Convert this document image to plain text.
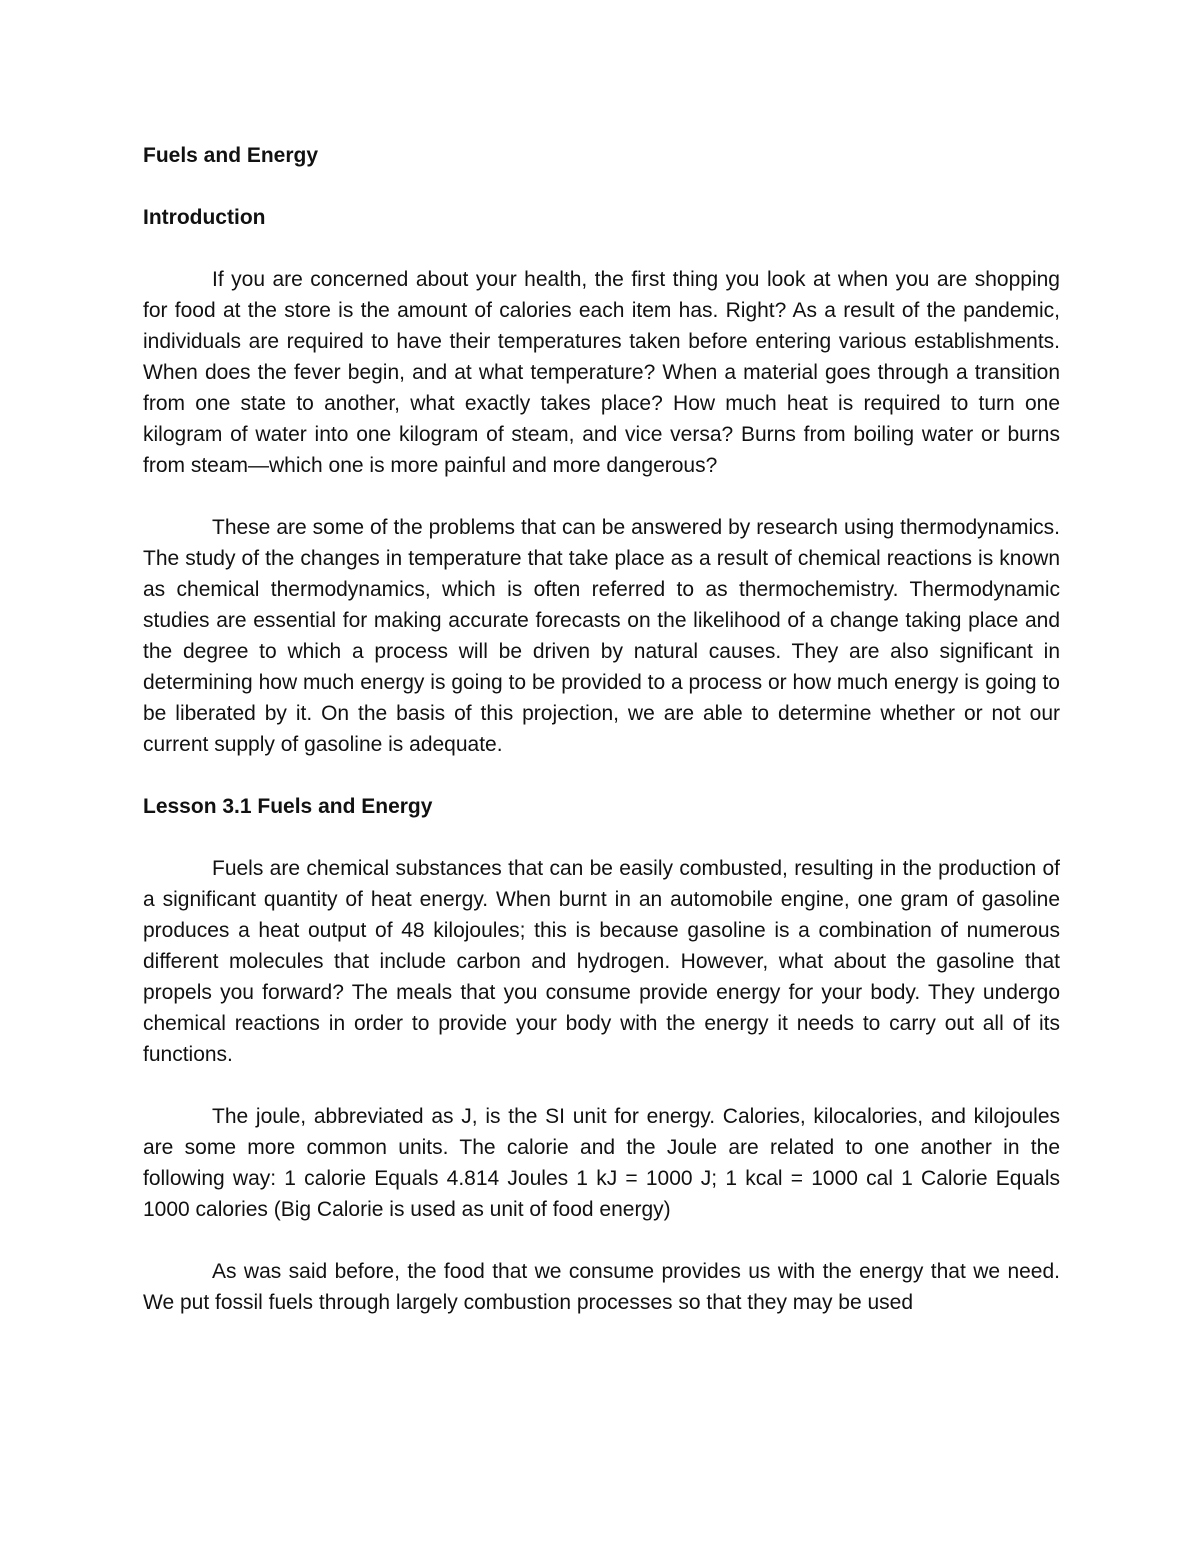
Fuels and Energy
Introduction

If you are concerned about your health, the first thing you look at when you are shopping for food at the store is the amount of calories each item has. Right? As a result of the pandemic, individuals are required to have their temperatures taken before entering various establishments. When does the fever begin, and at what temperature? When a material goes through a transition from one state to another, what exactly takes place? How much heat is required to turn one kilogram of water into one kilogram of steam, and vice versa? Burns from boiling water or burns from steam—which one is more painful and more dangerous?

These are some of the problems that can be answered by research using thermodynamics. The study of the changes in temperature that take place as a result of chemical reactions is known as chemical thermodynamics, which is often referred to as thermochemistry. Thermodynamic studies are essential for making accurate forecasts on the likelihood of a change taking place and the degree to which a process will be driven by natural causes. They are also significant in determining how much energy is going to be provided to a process or how much energy is going to be liberated by it. On the basis of this projection, we are able to determine whether or not our current supply of gasoline is adequate.

Lesson 3.1 Fuels and Energy

Fuels are chemical substances that can be easily combusted, resulting in the production of a significant quantity of heat energy. When burnt in an automobile engine, one gram of gasoline produces a heat output of 48 kilojoules; this is because gasoline is a combination of numerous different molecules that include carbon and hydrogen. However, what about the gasoline that propels you forward? The meals that you consume provide energy for your body. They undergo chemical reactions in order to provide your body with the energy it needs to carry out all of its functions.

The joule, abbreviated as J, is the SI unit for energy. Calories, kilocalories, and kilojoules are some more common units. The calorie and the Joule are related to one another in the following way: 1 calorie Equals 4.814 Joules 1 kJ = 1000 J; 1 kcal = 1000 cal 1 Calorie Equals 1000 calories (Big Calorie is used as unit of food energy)

As was said before, the food that we consume provides us with the energy that we need. We put fossil fuels through largely combustion processes so that they may be used
